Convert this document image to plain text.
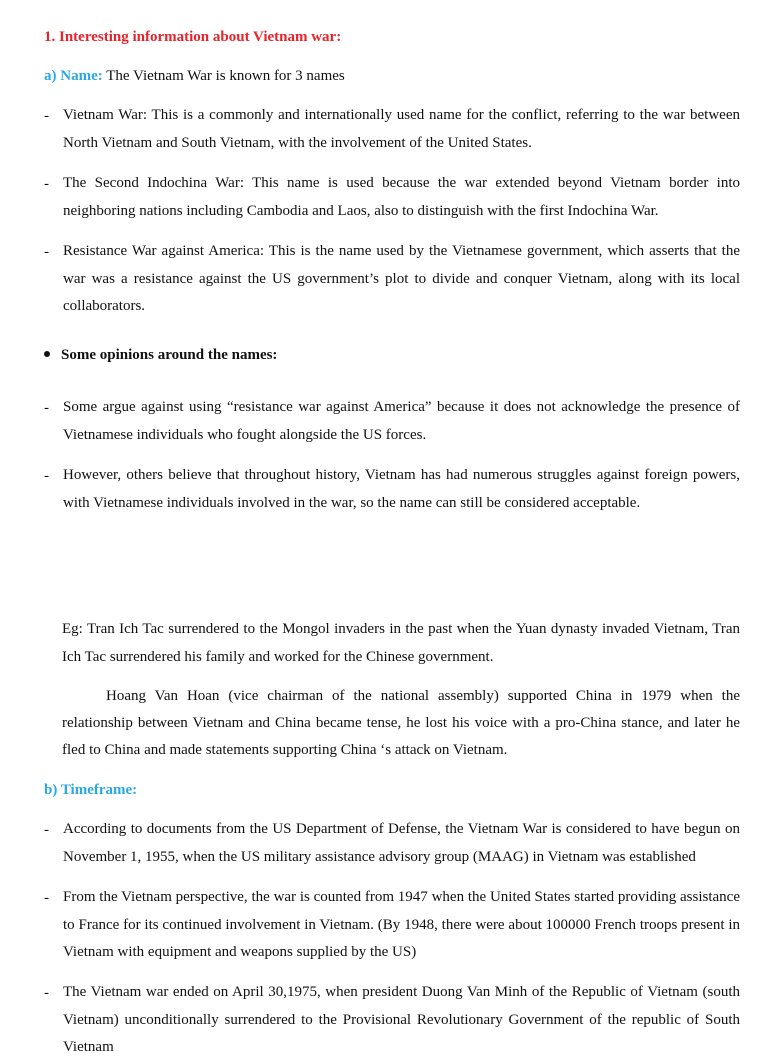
1. Interesting information about Vietnam war:

a) Name: The Vietnam War is known for 3 names

- Vietnam War: This is a commonly and internationally used name for the conflict, referring to the war between North Vietnam and South Vietnam, with the involvement of the United States.

- The Second Indochina War: This name is used because the war extended beyond Vietnam border into neighboring nations including Cambodia and Laos, also to distinguish with the first Indochina War.

- Resistance War against America: This is the name used by the Vietnamese government, which asserts that the war was a resistance against the US government’s plot to divide and conquer Vietnam, along with its local collaborators.

Some opinions around the names:

- Some argue against using “resistance war against America” because it does not acknowledge the presence of Vietnamese individuals who fought alongside the US forces.

- However, others believe that throughout history, Vietnam has had numerous struggles against foreign powers, with Vietnamese individuals involved in the war, so the name can still be considered acceptable.

Eg: Tran Ich Tac surrendered to the Mongol invaders in the past when the Yuan dynasty invaded Vietnam, Tran Ich Tac surrendered his family and worked for the Chinese government.

Hoang Van Hoan (vice chairman of the national assembly) supported China in 1979 when the relationship between Vietnam and China became tense, he lost his voice with a pro-China stance, and later he fled to China and made statements supporting China ‘s attack on Vietnam.

b) Timeframe:

- According to documents from the US Department of Defense, the Vietnam War is considered to have begun on November 1, 1955, when the US military assistance advisory group (MAAG) in Vietnam was established

- From the Vietnam perspective, the war is counted from 1947 when the United States started providing assistance to France for its continued involvement in Vietnam. (By 1948, there were about 100000 French troops present in Vietnam with equipment and weapons supplied by the US)

- The Vietnam war ended on April 30,1975, when president Duong Van Minh of the Republic of Vietnam (south Vietnam) unconditionally surrendered to the Provisional Revolutionary Government of the republic of South Vietnam
